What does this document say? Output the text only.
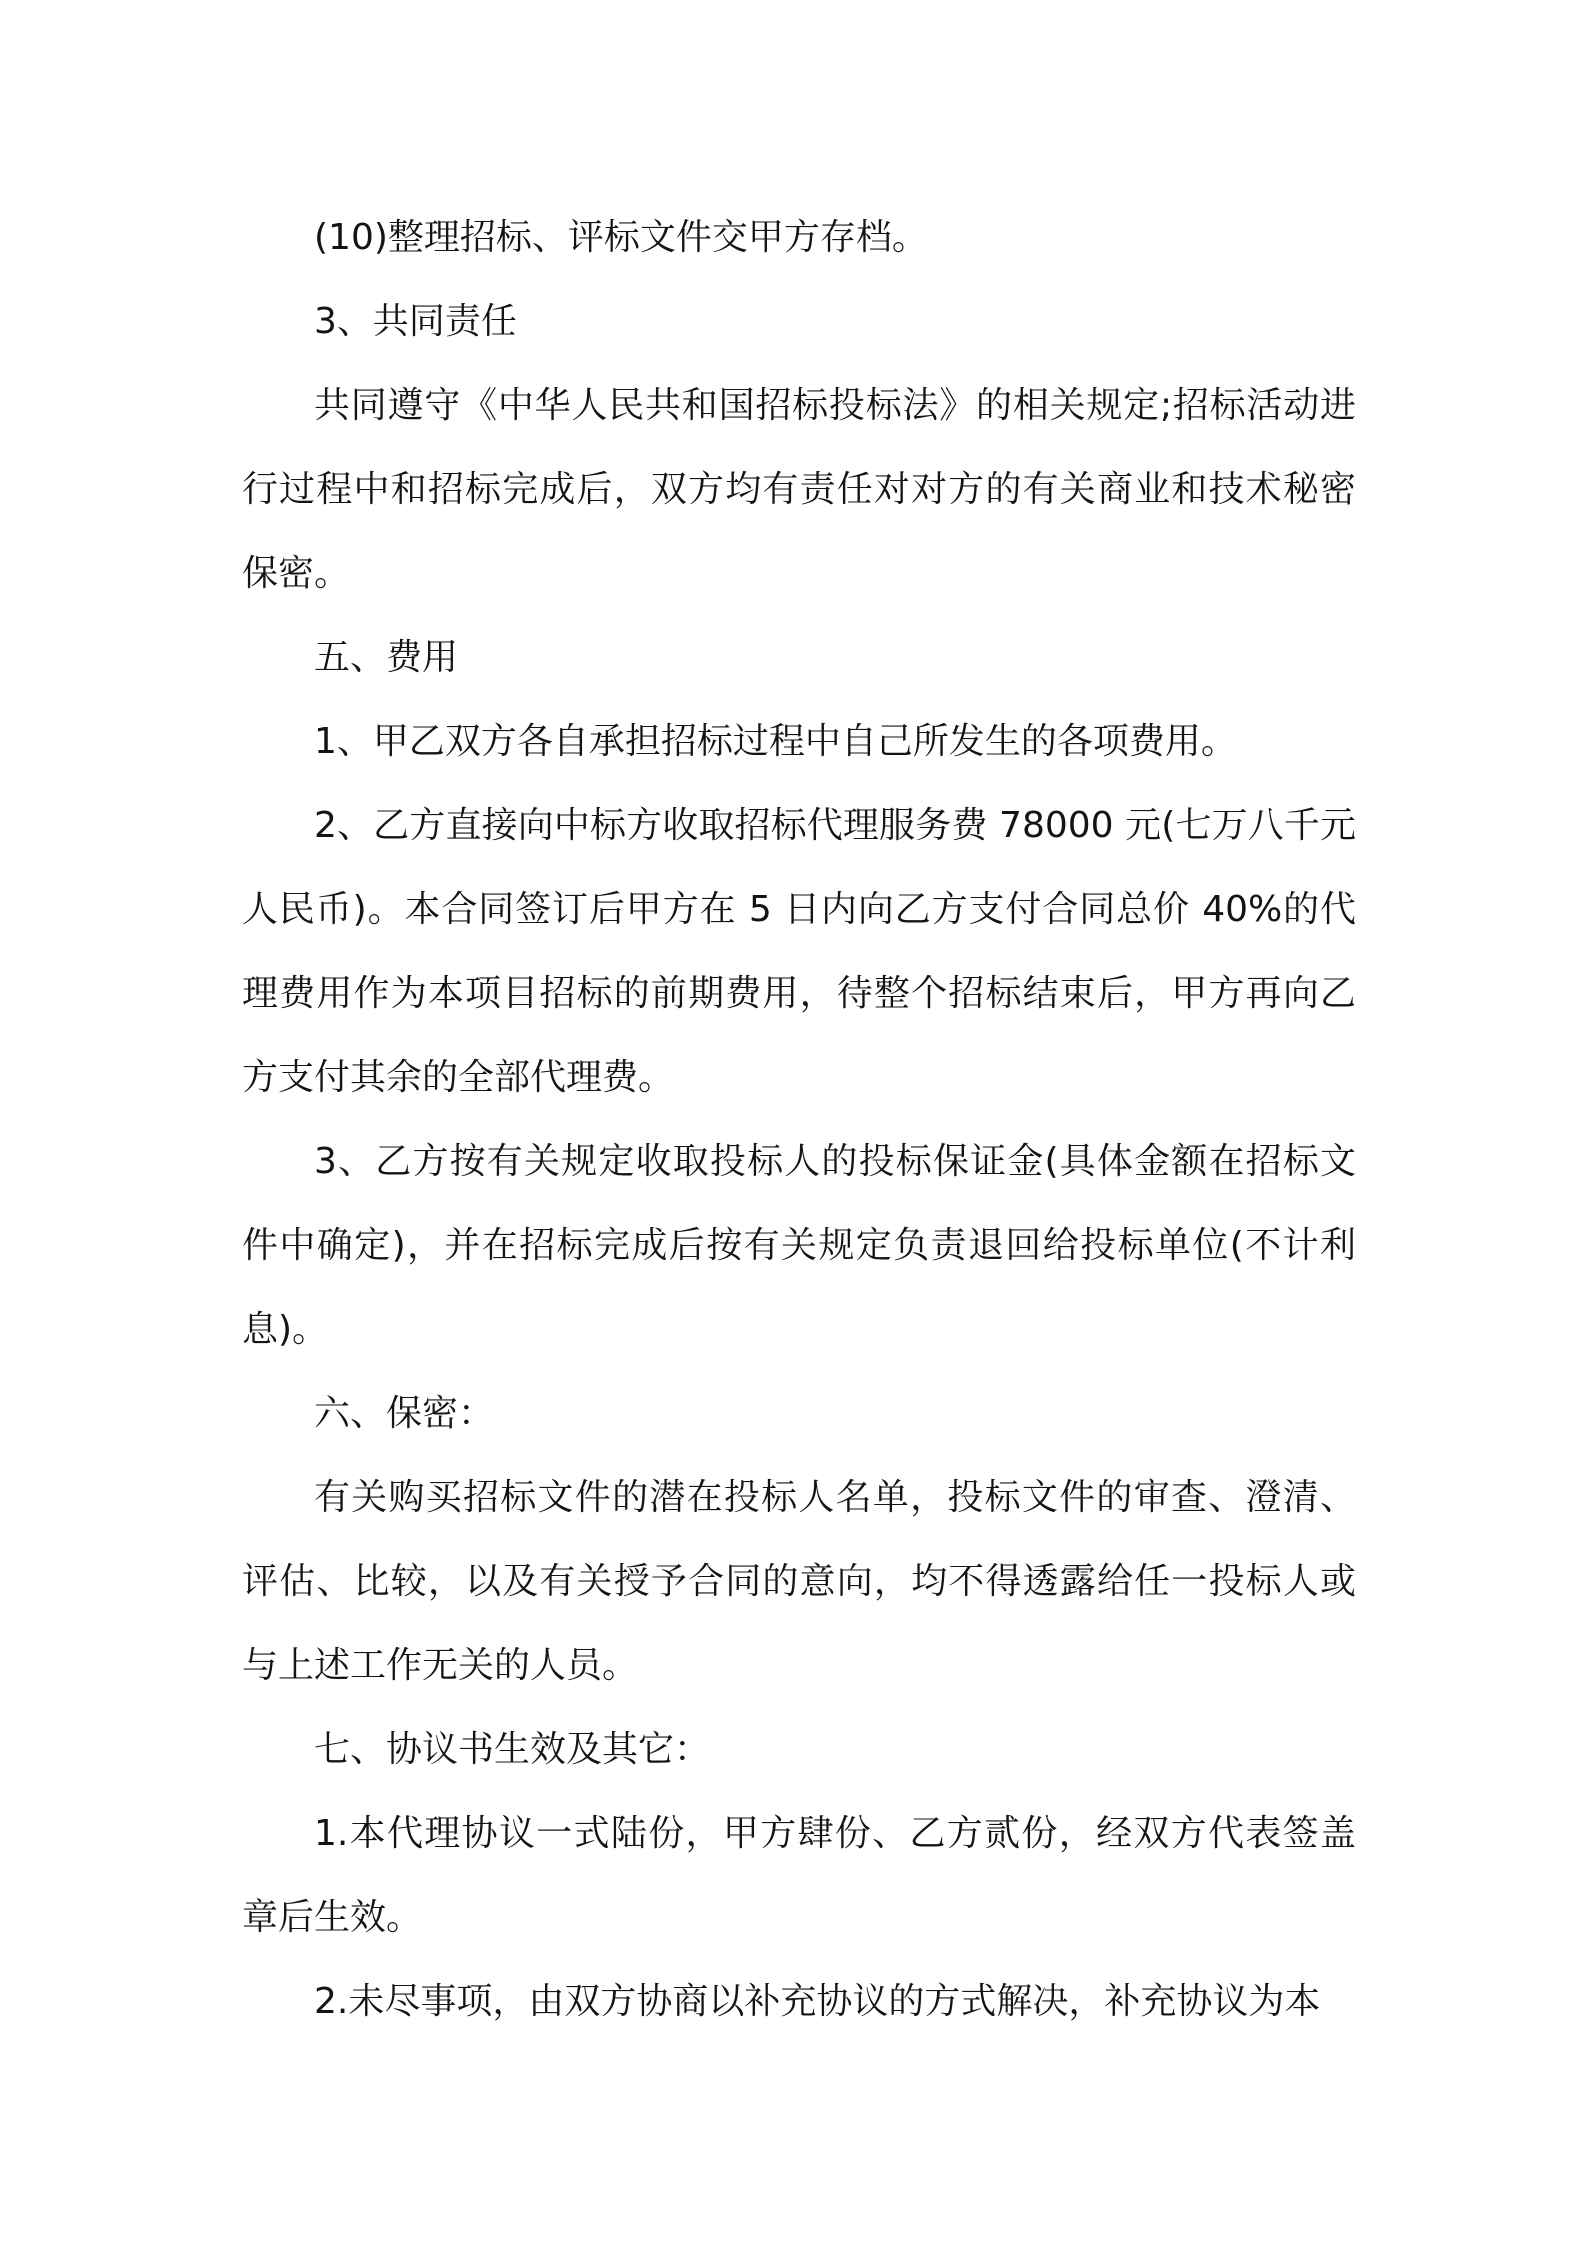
(10)整理招标、评标文件交甲方存档。

3、共同责任

共同遵守《中华人民共和国招标投标法》的相关规定;招标活动进行过程中和招标完成后，双方均有责任对对方的有关商业和技术秘密保密。

五、费用

1、甲乙双方各自承担招标过程中自己所发生的各项费用。

2、乙方直接向中标方收取招标代理服务费 78000 元(七万八千元人民币)。本合同签订后甲方在 5 日内向乙方支付合同总价 40%的代理费用作为本项目招标的前期费用，待整个招标结束后，甲方再向乙方支付其余的全部代理费。

3、乙方按有关规定收取投标人的投标保证金(具体金额在招标文件中确定)，并在招标完成后按有关规定负责退回给投标单位(不计利息)。

六、保密：

有关购买招标文件的潜在投标人名单，投标文件的审查、澄清、评估、比较，以及有关授予合同的意向，均不得透露给任一投标人或与上述工作无关的人员。

七、协议书生效及其它：

1.本代理协议一式陆份，甲方肆份、乙方贰份，经双方代表签盖章后生效。

2.未尽事项，由双方协商以补充协议的方式解决，补充协议为本
